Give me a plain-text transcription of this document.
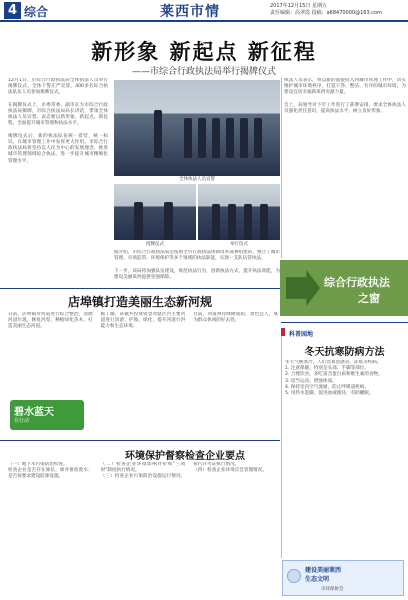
4 综合	莱西市情	2017年12月15日 星期五
责任编辑：高翠霞 投稿：a68470000@163.com
新形象 新起点 新征程
——市综合行政执法局举行揭牌仪式
12月1日，市综合行政执法局全体执法人员举行揭牌仪式，全体干警庄严宣誓，400多名综合执法队伍人员参加揭牌仪式。

在揭牌仪式上，市委常委、副市长为市综合行政执法局揭牌，市综合执法局局长讲话，带领全体执法人员宣誓，表态要以新形象、新起点、新征程，全面提升城市管理和执法水平。

揭牌仪式后，新的执法队伍统一着装，统一标识，在城市管理工作中发挥更大作用。市综合行政执法局将坚持以人民为中心的发展理念，推进城市管理领域综合执法，进一步提升城市精细化管理水平。
全体执法人员宣誓
授牌仪式	举行仪式
据介绍，市综合行政执法局是按照全市行政执法体制改革部署组建的，整合了城市管理、市场监管、环境保护等多个领域的执法职能，实现一支队伍管执法。

下一步，该局将加强队伍建设，规范执法行为，创新执法方式，提升执法效能，为建设美丽莱西提供坚强保障。
执法人员表示，将以新的面貌投入到城市管理工作中，切实维护城市环境秩序，打造干净、整洁、有序的城市环境，为建设宜居幸福新莱西贡献力量。

会上，局领导对下步工作进行了部署安排，要求全体执法人员强化责任意识，提高执法水平，树立良好形象。
综合行政执法
之窗
店埠镇打造美丽生态新河规
日前，店埠镇对河道进行综合整治，清理河道垃圾，修复河堤，种植绿化苗木，打造美丽生态河道。

据了解，该镇共投资资金对辖区内主要河道进行清淤、护坡、绿化，提升河道行洪能力和生态环境。

目前，河道两岸绿树成荫，景色宜人，成为群众休闲的好去处。
碧水蓝天
在行动
环境保护督察检查企业要点
（一）地下水污染防治检查。
检查企业是否存在渗坑、渗井排放废水；是否按要求建设防渗设施。
（二）检查企业环境影响评价和"三同时"制度执行情况。
（三）检查企业污染防治设施运行情况，排污许可证执行情况。
（四）检查企业环境应急管理情况。
科普园地
冬天抗寒防病方法
冬天气候寒冷，人们容易患感冒、冻疮等疾病。
1. 注意保暖，特别是头部、手脚等部位。
2. 合理饮食，多吃富含蛋白质和维生素的食物。
3. 适当运动，增强体质。
4. 保持室内空气流通，防止呼吸道疾病。
5. 用热水泡脚，促进血液循环，有助睡眠。
建设美丽莱西
生态文明
市环保协会
